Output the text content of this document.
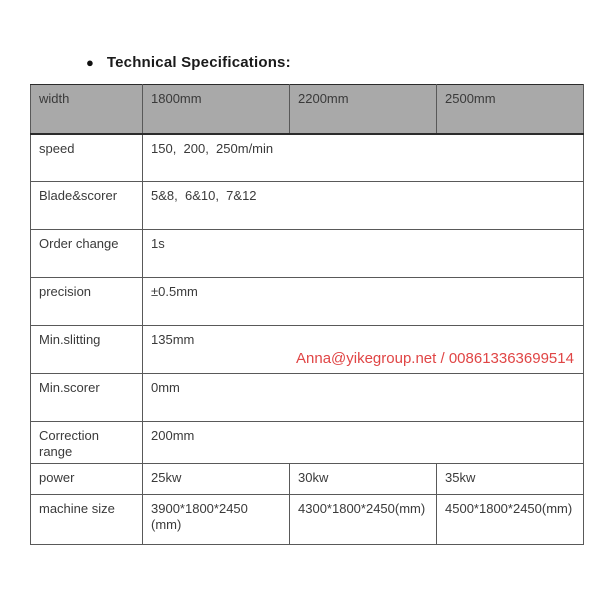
● Technical Specifications:
width	1800mm	2200mm	2500mm
speed	150,  200,  250m/min		
Blade&scorer	5&8,  6&10,  7&12		
Order change	1s		
precision	±0.5mm		
Min.slitting	135mm		
Min.scorer	0mm		
Correction range	200mm		
power	25kw	30kw	35kw
machine size	3900*1800*2450 (mm)	4300*1800*2450(mm)	4500*1800*2450(mm)
Anna@yikegroup.net / 008613363699514
